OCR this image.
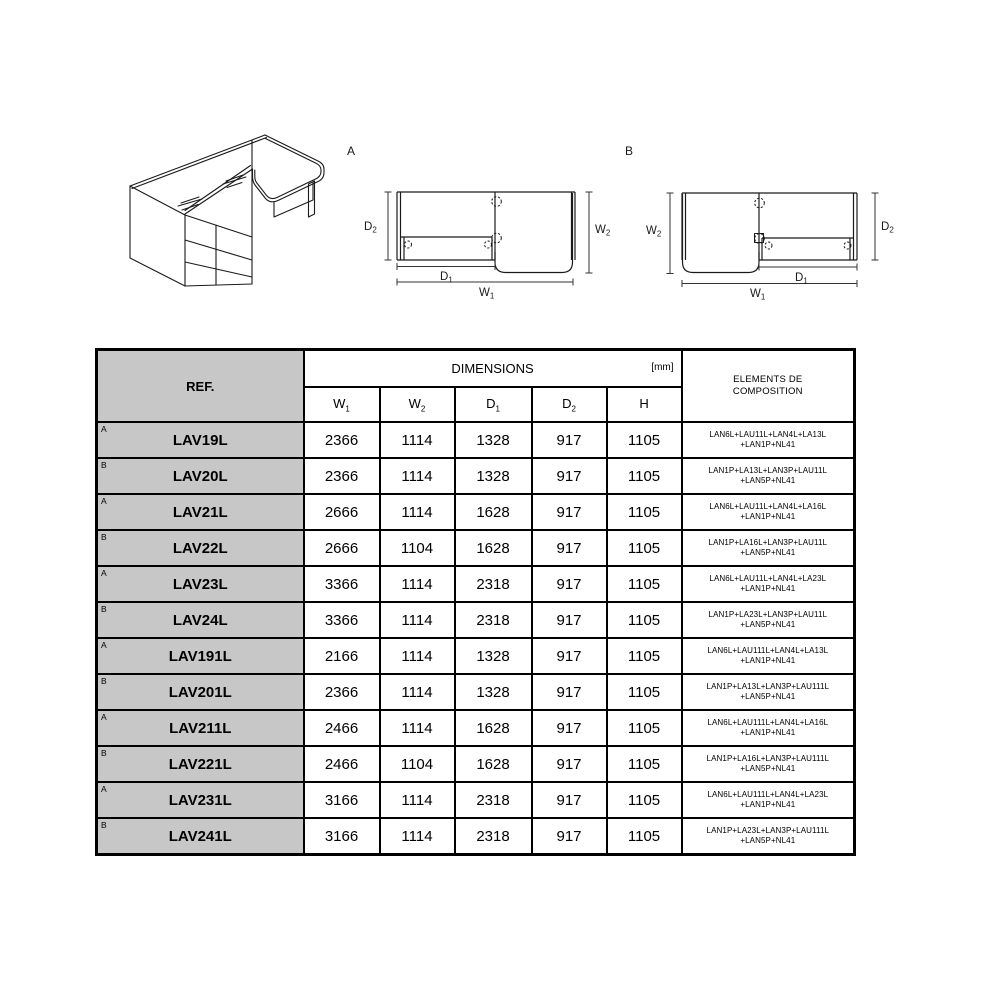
A
$D_2$	$W_2$
$D_1$
$W_1$
B
$W_2$
$D_2$
$D_1$
$W_1$
REF.	DIMENSIONS	[mm]

ELEMENTS DE
COMPOSITION

	$W_1$	$W_2$	$D_1$	$D_2$	H	

A
LAV19L	2366	1114	1328	917	1105	LAN6L+LAU11L+LAN4L+LA13L
+LAN1P+NL41

B
LAV20L	2366	1114	1328	917	1105	LAN1P+LA13L+LAN3P+LAU11L
+LAN5P+NL41

A
LAV21L	2666	1114	1628	917	1105	LAN6L+LAU11L+LAN4L+LA16L
+LAN1P+NL41

B
LAV22L	2666	1104	1628	917	1105	LAN1P+LA16L+LAN3P+LAU11L
+LAN5P+NL41

A
LAV23L	3366	1114	2318	917	1105	LAN6L+LAU11L+LAN4L+LA23L
+LAN1P+NL41

B
LAV24L	3366	1114	2318	917	1105	LAN1P+LA23L+LAN3P+LAU11L
+LAN5P+NL41

A
LAV191L	2166	1114	1328	917	1105	LAN6L+LAU111L+LAN4L+LA13L
+LAN1P+NL41

B
LAV201L	2366	1114	1328	917	1105	LAN1P+LA13L+LAN3P+LAU111L
+LAN5P+NL41

A
LAV211L	2466	1114	1628	917	1105	LAN6L+LAU111L+LAN4L+LA16L
+LAN1P+NL41

B
LAV221L	2466	1104	1628	917	1105	LAN1P+LA16L+LAN3P+LAU111L
+LAN5P+NL41

A
LAV231L	3166	1114	2318	917	1105	LAN6L+LAU111L+LAN4L+LA23L
+LAN1P+NL41

B
LAV241L	3166	1114	2318	917	1105	LAN1P+LA23L+LAN3P+LAU111L
+LAN5P+NL41
